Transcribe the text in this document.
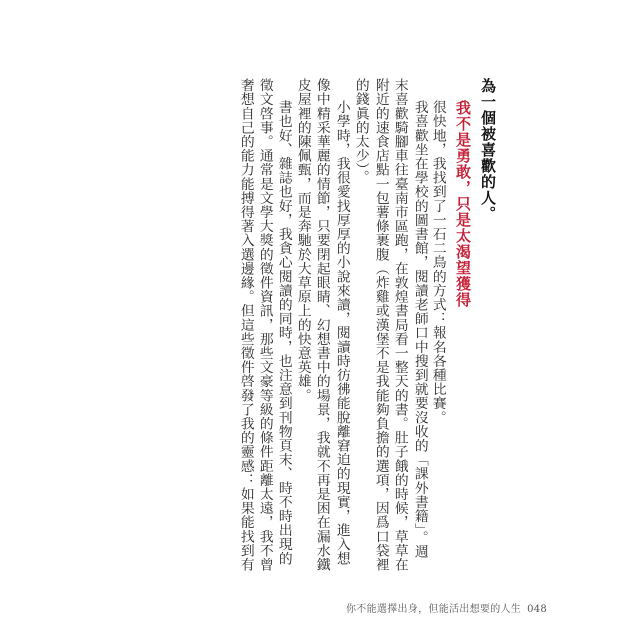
為一個被喜歡的人。
我不是勇敢，只是太渴望獲得
很快地，我找到了一石二鳥的方式：報名各種比賽。
我喜歡坐在學校的圖書館，閱讀老師口中搜到就要沒收的「課外書籍」。週
末喜歡騎腳車往臺南市區跑，在敦煌書局看一整天的書。肚子餓的時候，草草在
附近的速食店點一包薯條裹腹（炸雞或漢堡不是我能夠負擔的選項，因爲口袋裡
的錢眞的太少）。
小學時，我很愛找厚厚的小說來讀，閱讀時彷彿能脫離窘迫的現實，進入想
像中精采華麗的情節，只要閉起眼睛、幻想書中的場景，我就不再是困在漏水鐵
皮屋裡的陳佩甄，而是奔馳於大草原上的快意英雄。
書也好、雜誌也好，我貪心閱讀的同時，也注意到刊物頁末、時不時出現的
徵文啓事。通常是文學大獎的徵件資訊，那些文豪等級的條件距離太遠，我不曾
奢想自己的能力能搏得著入選邊緣。但這些徵件啓發了我的靈感：如果能找到有
你不能選擇出身，但能活出想要的人生 048
